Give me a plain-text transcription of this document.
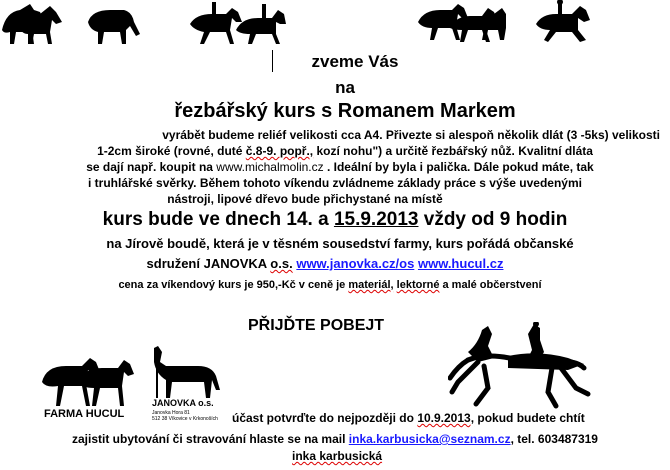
zveme Vás
na
řezbářský kurs s Romanem Markem
vyrábět budeme reliéf velikosti cca A4. Přivezte si alespoň několik dlát (3 -5ks) velikosti
1-2cm široké (rovné, duté č.8-9. popř., kozí nohu") a určitě řezbářský nůž. Kvalitní dláta
se dají např. koupit na www.michalmolin.cz . Ideální by byla i palička. Dále pokud máte, tak
i truhlářské svěrky. Během tohoto víkendu zvládneme základy práce s výše uvedenými
nástroji, lipové dřevo bude přichystané na místě
kurs bude ve dnech 14. a 15.9.2013 vždy od 9 hodin
na Jírově boudě, která je v těsném sousedství farmy, kurs pořádá občanské
sdružení JANOVKA o.s. www.janovka.cz/os www.hucul.cz
cena za víkendový kurs je 950,-Kč v ceně je materiál, lektorné a malé občerstvení
PŘIJĎTE POBEJT
FARMA HUCUL
JANOVKA o.s.
Janovka Hora 81
512 38 Víkovice v Krkonoších účast potvrďte do nejpozději do 10.9.2013, pokud budete chtít
zajistit ubytování či stravování hlaste se na mail inka.karbusicka@seznam.cz, tel. 603487319
inka karbusická
